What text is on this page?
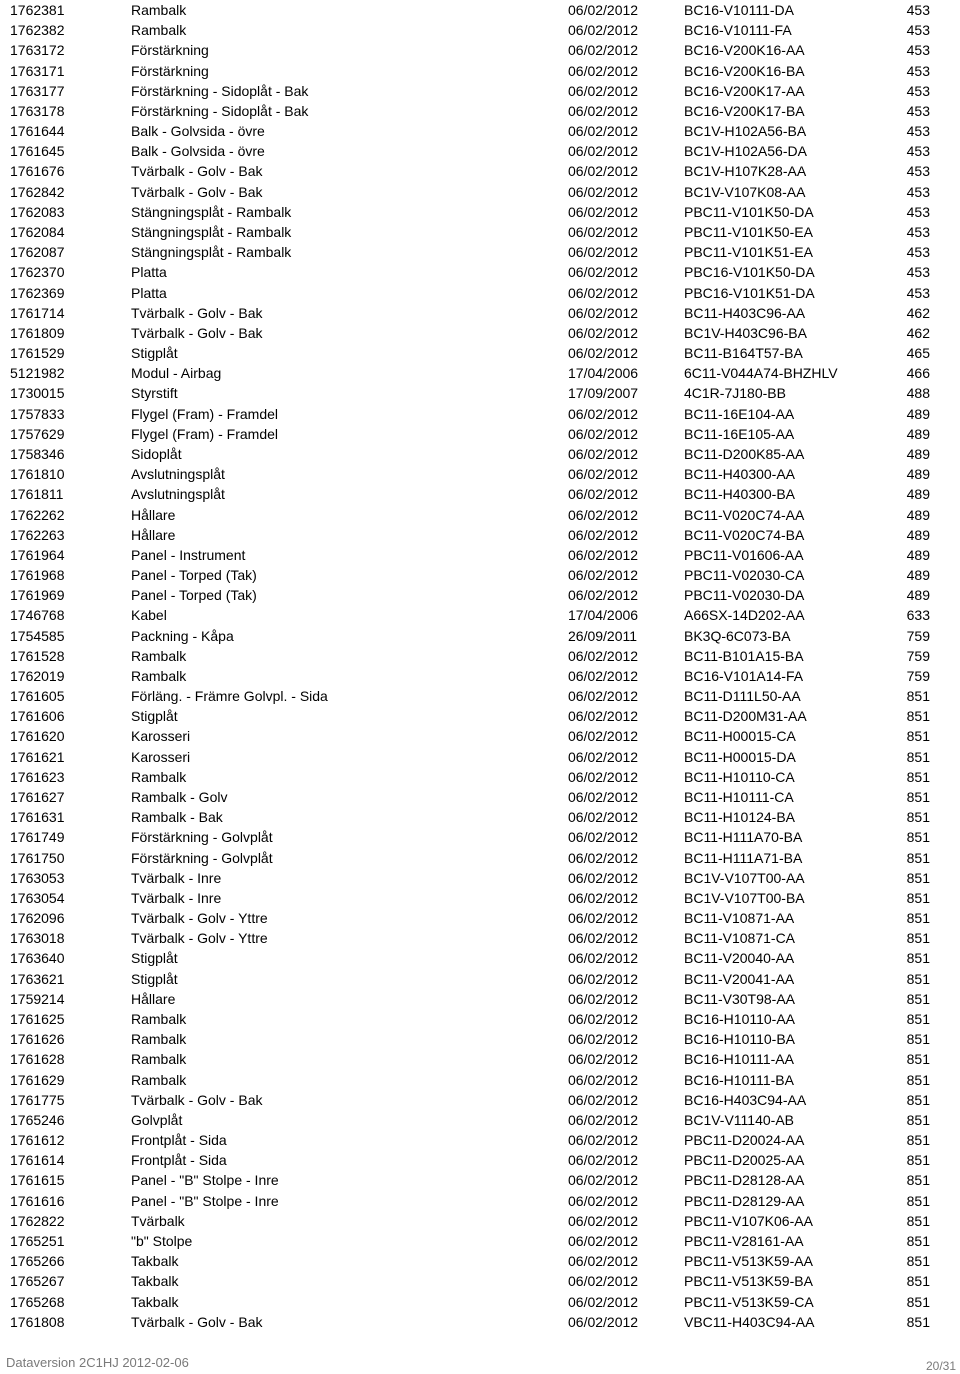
1762381	Rambalk	06/02/2012	BC16-V10111-DA	453
1762382	Rambalk	06/02/2012	BC16-V10111-FA	453
1763172	Förstärkning	06/02/2012	BC16-V200K16-AA	453
1763171	Förstärkning	06/02/2012	BC16-V200K16-BA	453
1763177	Förstärkning - Sidoplåt - Bak	06/02/2012	BC16-V200K17-AA	453
1763178	Förstärkning - Sidoplåt - Bak	06/02/2012	BC16-V200K17-BA	453
1761644	Balk - Golvsida - övre	06/02/2012	BC1V-H102A56-BA	453
1761645	Balk - Golvsida - övre	06/02/2012	BC1V-H102A56-DA	453
1761676	Tvärbalk - Golv - Bak	06/02/2012	BC1V-H107K28-AA	453
1762842	Tvärbalk - Golv - Bak	06/02/2012	BC1V-V107K08-AA	453
1762083	Stängningsplåt - Rambalk	06/02/2012	PBC11-V101K50-DA	453
1762084	Stängningsplåt - Rambalk	06/02/2012	PBC11-V101K50-EA	453
1762087	Stängningsplåt - Rambalk	06/02/2012	PBC11-V101K51-EA	453
1762370	Platta	06/02/2012	PBC16-V101K50-DA	453
1762369	Platta	06/02/2012	PBC16-V101K51-DA	453
1761714	Tvärbalk - Golv - Bak	06/02/2012	BC11-H403C96-AA	462
1761809	Tvärbalk - Golv - Bak	06/02/2012	BC1V-H403C96-BA	462
1761529	Stigplåt	06/02/2012	BC11-B164T57-BA	465
5121982	Modul - Airbag	17/04/2006	6C11-V044A74-BHZHLV	466
1730015	Styrstift	17/09/2007	4C1R-7J180-BB	488
1757833	Flygel (Fram) - Framdel	06/02/2012	BC11-16E104-AA	489
1757629	Flygel (Fram) - Framdel	06/02/2012	BC11-16E105-AA	489
1758346	Sidoplåt	06/02/2012	BC11-D200K85-AA	489
1761810	Avslutningsplåt	06/02/2012	BC11-H40300-AA	489
1761811	Avslutningsplåt	06/02/2012	BC11-H40300-BA	489
1762262	Hållare	06/02/2012	BC11-V020C74-AA	489
1762263	Hållare	06/02/2012	BC11-V020C74-BA	489
1761964	Panel - Instrument	06/02/2012	PBC11-V01606-AA	489
1761968	Panel - Torped (Tak)	06/02/2012	PBC11-V02030-CA	489
1761969	Panel - Torped (Tak)	06/02/2012	PBC11-V02030-DA	489
1746768	Kabel	17/04/2006	A66SX-14D202-AA	633
1754585	Packning - Kåpa	26/09/2011	BK3Q-6C073-BA	759
1761528	Rambalk	06/02/2012	BC11-B101A15-BA	759
1762019	Rambalk	06/02/2012	BC16-V101A14-FA	759
1761605	Förläng. - Främre Golvpl. - Sida	06/02/2012	BC11-D111L50-AA	851
1761606	Stigplåt	06/02/2012	BC11-D200M31-AA	851
1761620	Karosseri	06/02/2012	BC11-H00015-CA	851
1761621	Karosseri	06/02/2012	BC11-H00015-DA	851
1761623	Rambalk	06/02/2012	BC11-H10110-CA	851
1761627	Rambalk - Golv	06/02/2012	BC11-H10111-CA	851
1761631	Rambalk - Bak	06/02/2012	BC11-H10124-BA	851
1761749	Förstärkning - Golvplåt	06/02/2012	BC11-H111A70-BA	851
1761750	Förstärkning - Golvplåt	06/02/2012	BC11-H111A71-BA	851
1763053	Tvärbalk - Inre	06/02/2012	BC1V-V107T00-AA	851
1763054	Tvärbalk - Inre	06/02/2012	BC1V-V107T00-BA	851
1762096	Tvärbalk - Golv - Yttre	06/02/2012	BC11-V10871-AA	851
1763018	Tvärbalk - Golv - Yttre	06/02/2012	BC11-V10871-CA	851
1763640	Stigplåt	06/02/2012	BC11-V20040-AA	851
1763621	Stigplåt	06/02/2012	BC11-V20041-AA	851
1759214	Hållare	06/02/2012	BC11-V30T98-AA	851
1761625	Rambalk	06/02/2012	BC16-H10110-AA	851
1761626	Rambalk	06/02/2012	BC16-H10110-BA	851
1761628	Rambalk	06/02/2012	BC16-H10111-AA	851
1761629	Rambalk	06/02/2012	BC16-H10111-BA	851
1761775	Tvärbalk - Golv - Bak	06/02/2012	BC16-H403C94-AA	851
1765246	Golvplåt	06/02/2012	BC1V-V11140-AB	851
1761612	Frontplåt - Sida	06/02/2012	PBC11-D20024-AA	851
1761614	Frontplåt - Sida	06/02/2012	PBC11-D20025-AA	851
1761615	Panel - "B" Stolpe - Inre	06/02/2012	PBC11-D28128-AA	851
1761616	Panel - "B" Stolpe - Inre	06/02/2012	PBC11-D28129-AA	851
1762822	Tvärbalk	06/02/2012	PBC11-V107K06-AA	851
1765251	"b" Stolpe	06/02/2012	PBC11-V28161-AA	851
1765266	Takbalk	06/02/2012	PBC11-V513K59-AA	851
1765267	Takbalk	06/02/2012	PBC11-V513K59-BA	851
1765268	Takbalk	06/02/2012	PBC11-V513K59-CA	851
1761808	Tvärbalk - Golv - Bak	06/02/2012	VBC11-H403C94-AA	851
Dataversion 2C1HJ 2012-02-06	20/31
